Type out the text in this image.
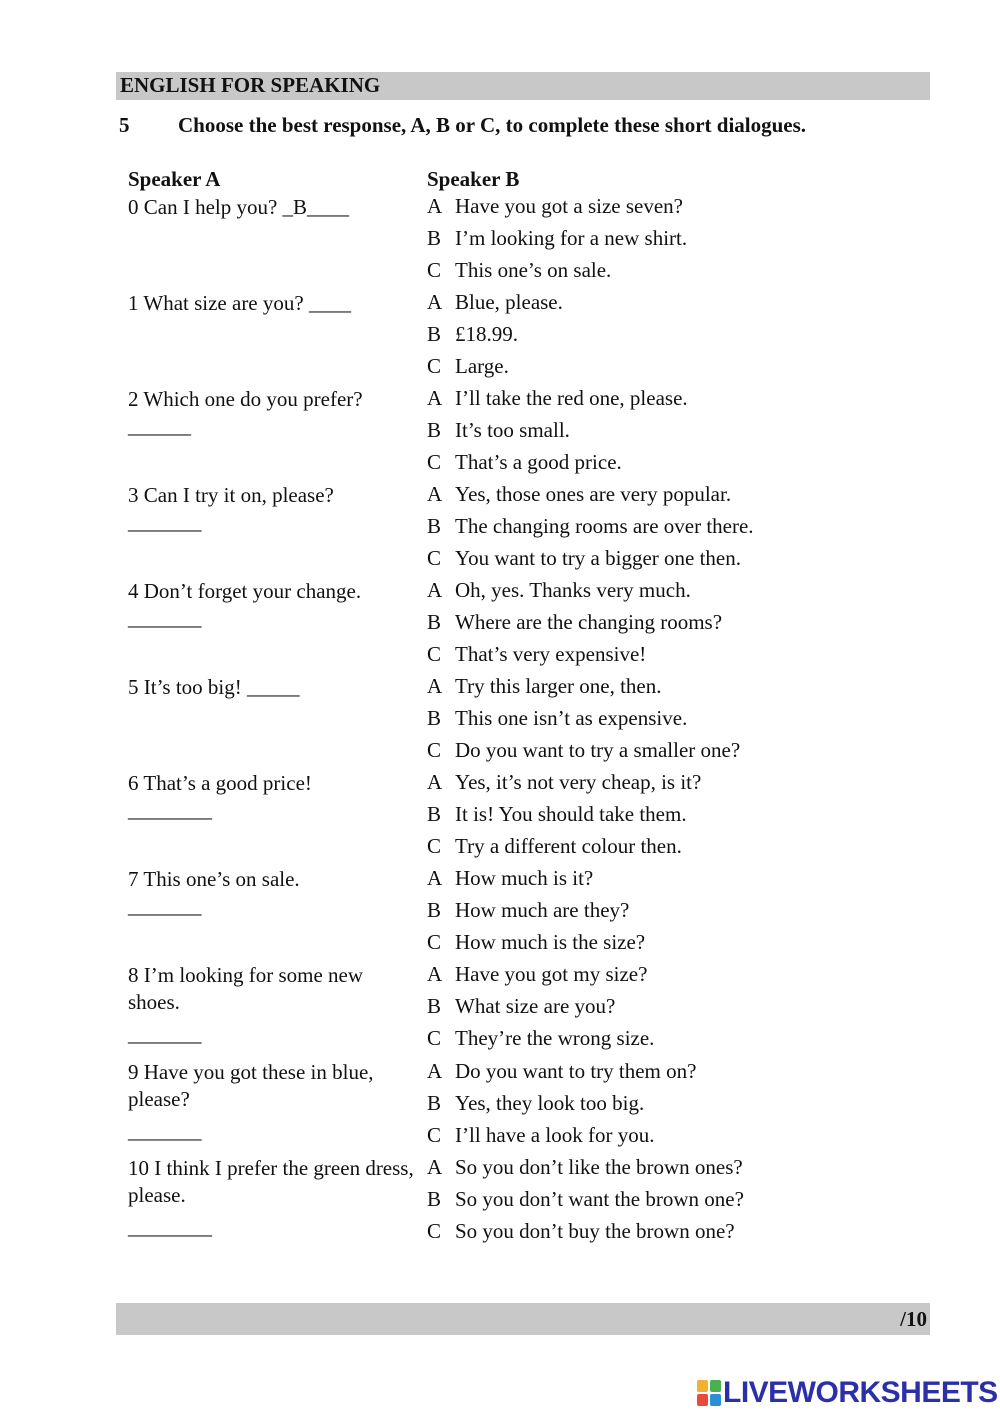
ENGLISH FOR SPEAKING
5 Choose the best response, A, B or C, to complete these short dialogues.
Speaker A	Speaker B
0 Can I help you? _B____	A Have you got a size seven?
B I’m looking for a new shirt.
C This one’s on sale.
1 What size are you? ____	A Blue, please.
B £18.99.
C Large.
2 Which one do you prefer?
______
A I’ll take the red one, please.
B It’s too small.
C That’s a good price.
3 Can I try it on, please?
_______
A Yes, those ones are very popular.
B The changing rooms are over there.
C You want to try a bigger one then.
4 Don’t forget your change.
_______
A Oh, yes. Thanks very much.
B Where are the changing rooms?
C That’s very expensive!
5 It’s too big! _____	A Try this larger one, then.
B This one isn’t as expensive.
C Do you want to try a smaller one?
6 That’s a good price!
________
A Yes, it’s not very cheap, is it?
B It is! You should take them.
C Try a different colour then.
7 This one’s on sale.
_______
A How much is it?
B How much are they?
C How much is the size?
8 I’m looking for some new shoes.
_______
A Have you got my size?
B What size are you?
C They’re the wrong size.
9 Have you got these in blue, please?
_______
A Do you want to try them on?
B Yes, they look too big.
C I’ll have a look for you.
10 I think I prefer the green dress, please.
________
A So you don’t like the brown ones?
B So you don’t want the brown one?
C So you don’t buy the brown one?
/10
LIVEWORKSHEETS
